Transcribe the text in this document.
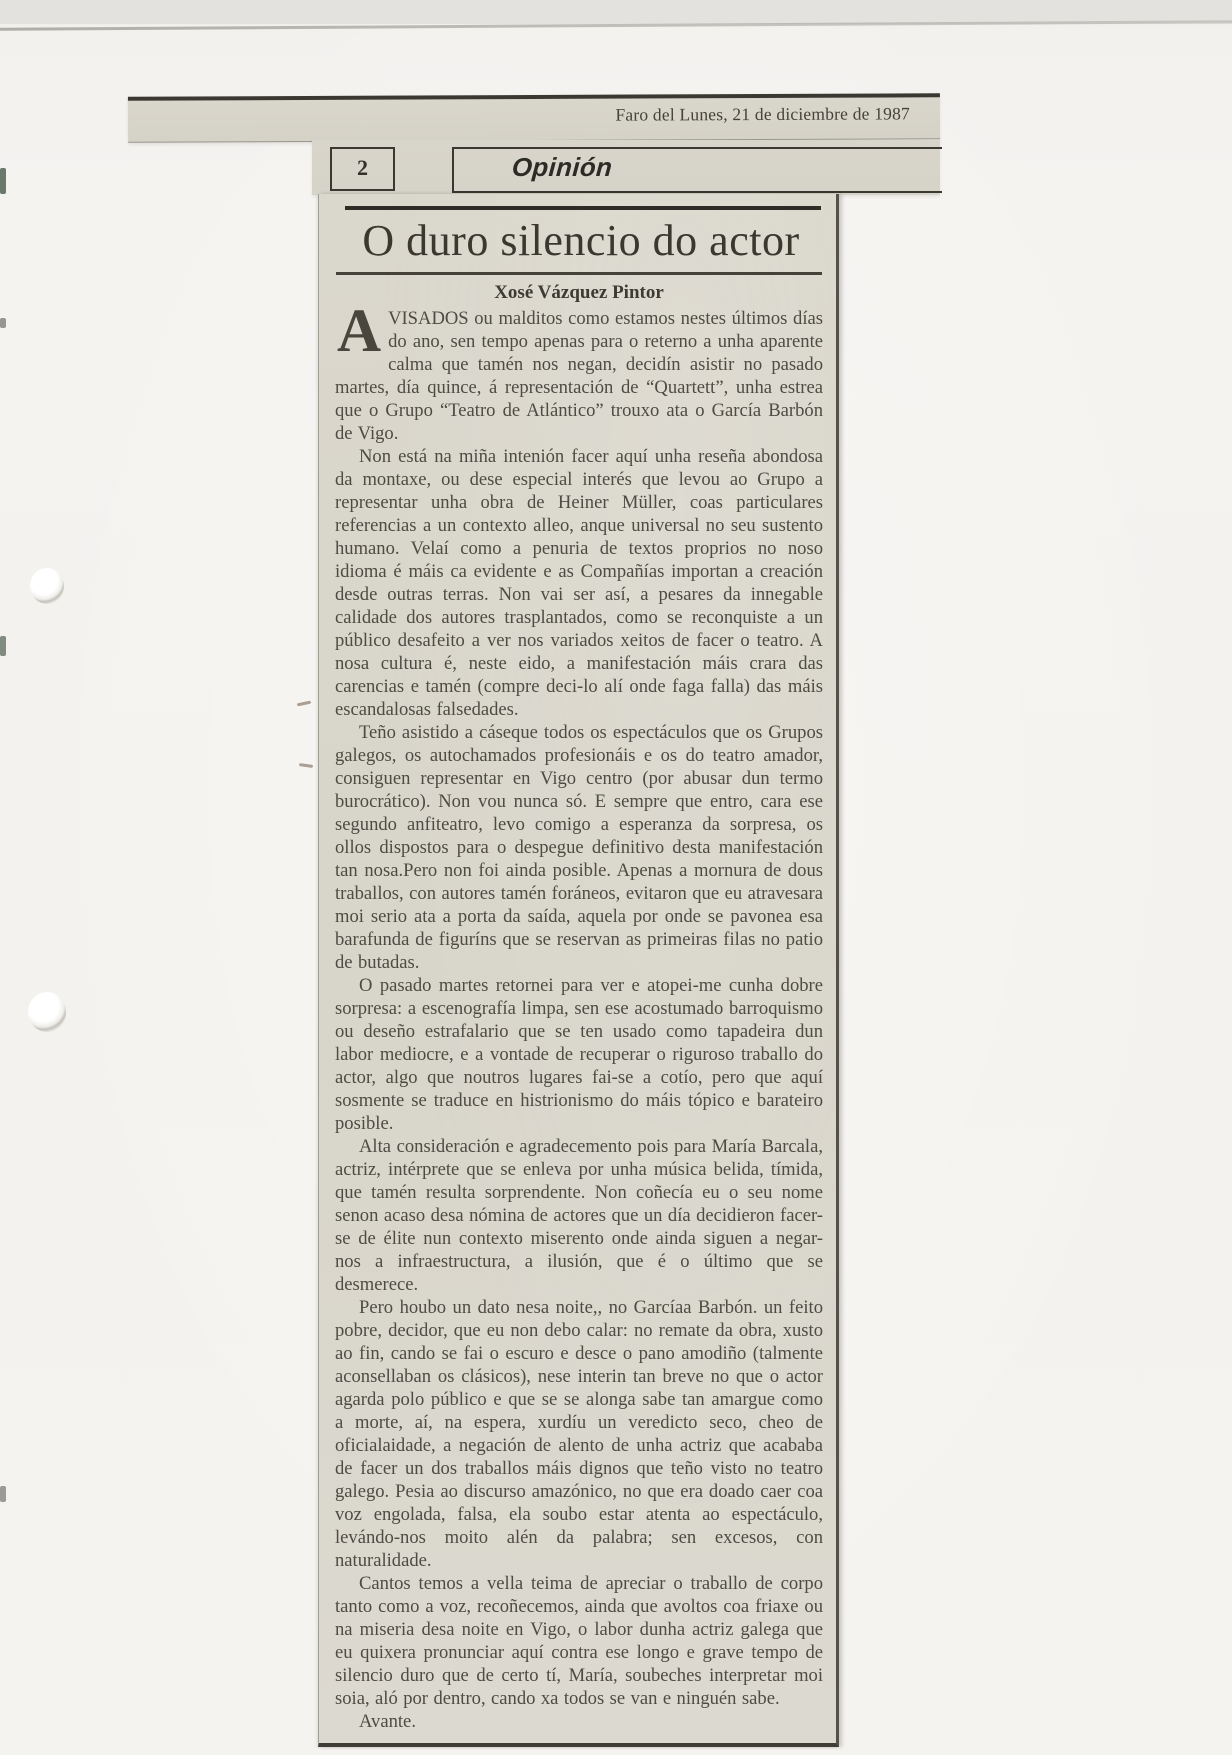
Faro del Lunes, 21 de diciembre de 1987
2	Opinión
O duro silencio do actor
Xosé Vázquez Pintor

AVISADOS ou malditos como estamos nestes últimos días do ano, sen tempo apenas para o reterno a unha aparente calma que tamén nos negan, decidín asistir no pasado martes, día quince, á representación de “Quartett”, unha estrea que o Grupo “Teatro de Atlántico” trouxo ata o García Barbón de Vigo.

Non está na miña intenión facer aquí unha reseña abondosa da montaxe, ou dese especial interés que levou ao Grupo a representar unha obra de Heiner Müller, coas particulares referencias a un contexto alleo, anque universal no seu sustento humano. Velaí como a penuria de textos proprios no noso idioma é máis ca evidente e as Compañías importan a creación desde outras terras. Non vai ser así, a pesares da innegable calidade dos autores trasplantados, como se reconquiste a un público desafeito a ver nos variados xeitos de facer o teatro. A nosa cultura é, neste eido, a manifestación máis crara das carencias e tamén (compre deci-lo alí onde faga falla) das máis escandalosas falsedades.

Teño asistido a cáseque todos os espectáculos que os Grupos galegos, os autochamados profesionáis e os do teatro amador, consiguen representar en Vigo centro (por abusar dun termo burocrático). Non vou nunca só. E sempre que entro, cara ese segundo anfiteatro, levo comigo a esperanza da sorpresa, os ollos dispostos para o despegue definitivo desta manifestación tan nosa.Pero non foi ainda posible. Apenas a mornura de dous traballos, con autores tamén foráneos, evitaron que eu atravesara moi serio ata a porta da saída, aquela por onde se pavonea esa barafunda de figuríns que se reservan as primeiras filas no patio de butadas.

O pasado martes retornei para ver e atopei-me cunha dobre sorpresa: a escenografía limpa, sen ese acostumado barroquismo ou deseño estrafalario que se ten usado como tapadeira dun labor mediocre, e a vontade de recuperar o riguroso traballo do actor, algo que noutros lugares fai-se a cotío, pero que aquí sosmente se traduce en histrionismo do máis tópico e barateiro posible.

Alta consideración e agradecemento pois para María Barcala, actriz, intérprete que se enleva por unha música belida, tímida, que tamén resulta sorprendente. Non coñecía eu o seu nome senon acaso desa nómina de actores que un día decidieron facer-se de élite nun contexto miserento onde ainda siguen a negar-nos a infraestructura, a ilusión, que é o último que se desmerece.

Pero houbo un dato nesa noite,, no Garcíaa Barbón. un feito pobre, decidor, que eu non debo calar: no remate da obra, xusto ao fin, cando se fai o escuro e desce o pano amodiño (talmente aconsellaban os clásicos), nese interin tan breve no que o actor agarda polo público e que se se alonga sabe tan amargue como a morte, aí, na espera, xurdíu un veredicto seco, cheo de oficialaidade, a negación de alento de unha actriz que acababa de facer un dos traballos máis dignos que teño visto no teatro galego. Pesia ao discurso amazónico, no que era doado caer coa voz engolada, falsa, ela soubo estar atenta ao espectáculo, levándo-nos moito alén da palabra; sen excesos, con naturalidade.

Cantos temos a vella teima de apreciar o traballo de corpo tanto como a voz, recoñecemos, ainda que avoltos coa friaxe ou na miseria desa noite en Vigo, o labor dunha actriz galega que eu quixera pronunciar aquí contra ese longo e grave tempo de silencio duro que de certo tí, María, soubeches interpretar moi soia, aló por dentro, cando xa todos se van e ninguén sabe.

Avante.
